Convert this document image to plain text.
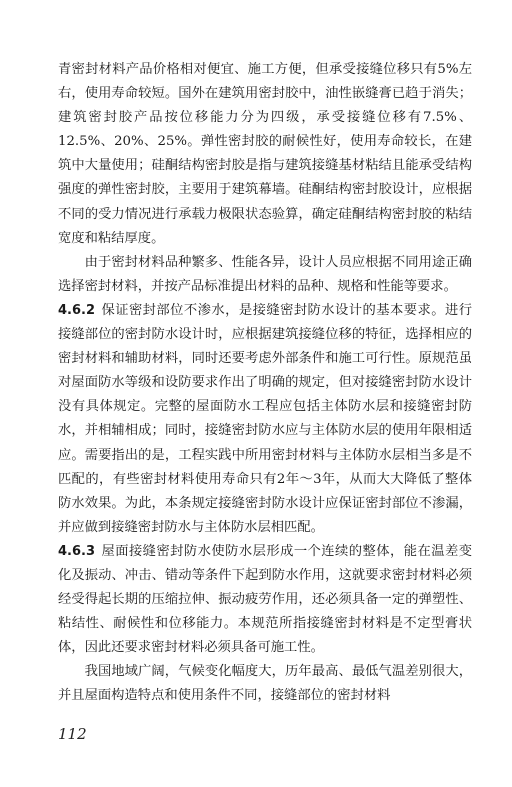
青密封材料产品价格相对便宜、施工方便，但承受接缝位移只有5%左右，使用寿命较短。国外在建筑用密封胶中，油性嵌缝膏已趋于消失；建筑密封胶产品按位移能力分为四级，承受接缝位移有7.5%、12.5%、20%、25%。弹性密封胶的耐候性好，使用寿命较长，在建筑中大量使用；硅酮结构密封胶是指与建筑接缝基材粘结且能承受结构强度的弹性密封胶，主要用于建筑幕墙。硅酮结构密封胶设计，应根据不同的受力情况进行承载力极限状态验算，确定硅酮结构密封胶的粘结宽度和粘结厚度。

由于密封材料品种繁多、性能各异，设计人员应根据不同用途正确选择密封材料，并按产品标准提出材料的品种、规格和性能等要求。

4.6.2 保证密封部位不渗水，是接缝密封防水设计的基本要求。进行接缝部位的密封防水设计时，应根据建筑接缝位移的特征，选择相应的密封材料和辅助材料，同时还要考虑外部条件和施工可行性。原规范虽对屋面防水等级和设防要求作出了明确的规定，但对接缝密封防水设计没有具体规定。完整的屋面防水工程应包括主体防水层和接缝密封防水，并相辅相成；同时，接缝密封防水应与主体防水层的使用年限相适应。需要指出的是，工程实践中所用密封材料与主体防水层相当多是不匹配的，有些密封材料使用寿命只有2年～3年，从而大大降低了整体防水效果。为此，本条规定接缝密封防水设计应保证密封部位不渗漏，并应做到接缝密封防水与主体防水层相匹配。

4.6.3 屋面接缝密封防水使防水层形成一个连续的整体，能在温差变化及振动、冲击、错动等条件下起到防水作用，这就要求密封材料必须经受得起长期的压缩拉伸、振动疲劳作用，还必须具备一定的弹塑性、粘结性、耐候性和位移能力。本规范所指接缝密封材料是不定型膏状体，因此还要求密封材料必须具备可施工性。

我国地域广阔，气候变化幅度大，历年最高、最低气温差别很大，并且屋面构造特点和使用条件不同，接缝部位的密封材料

112
